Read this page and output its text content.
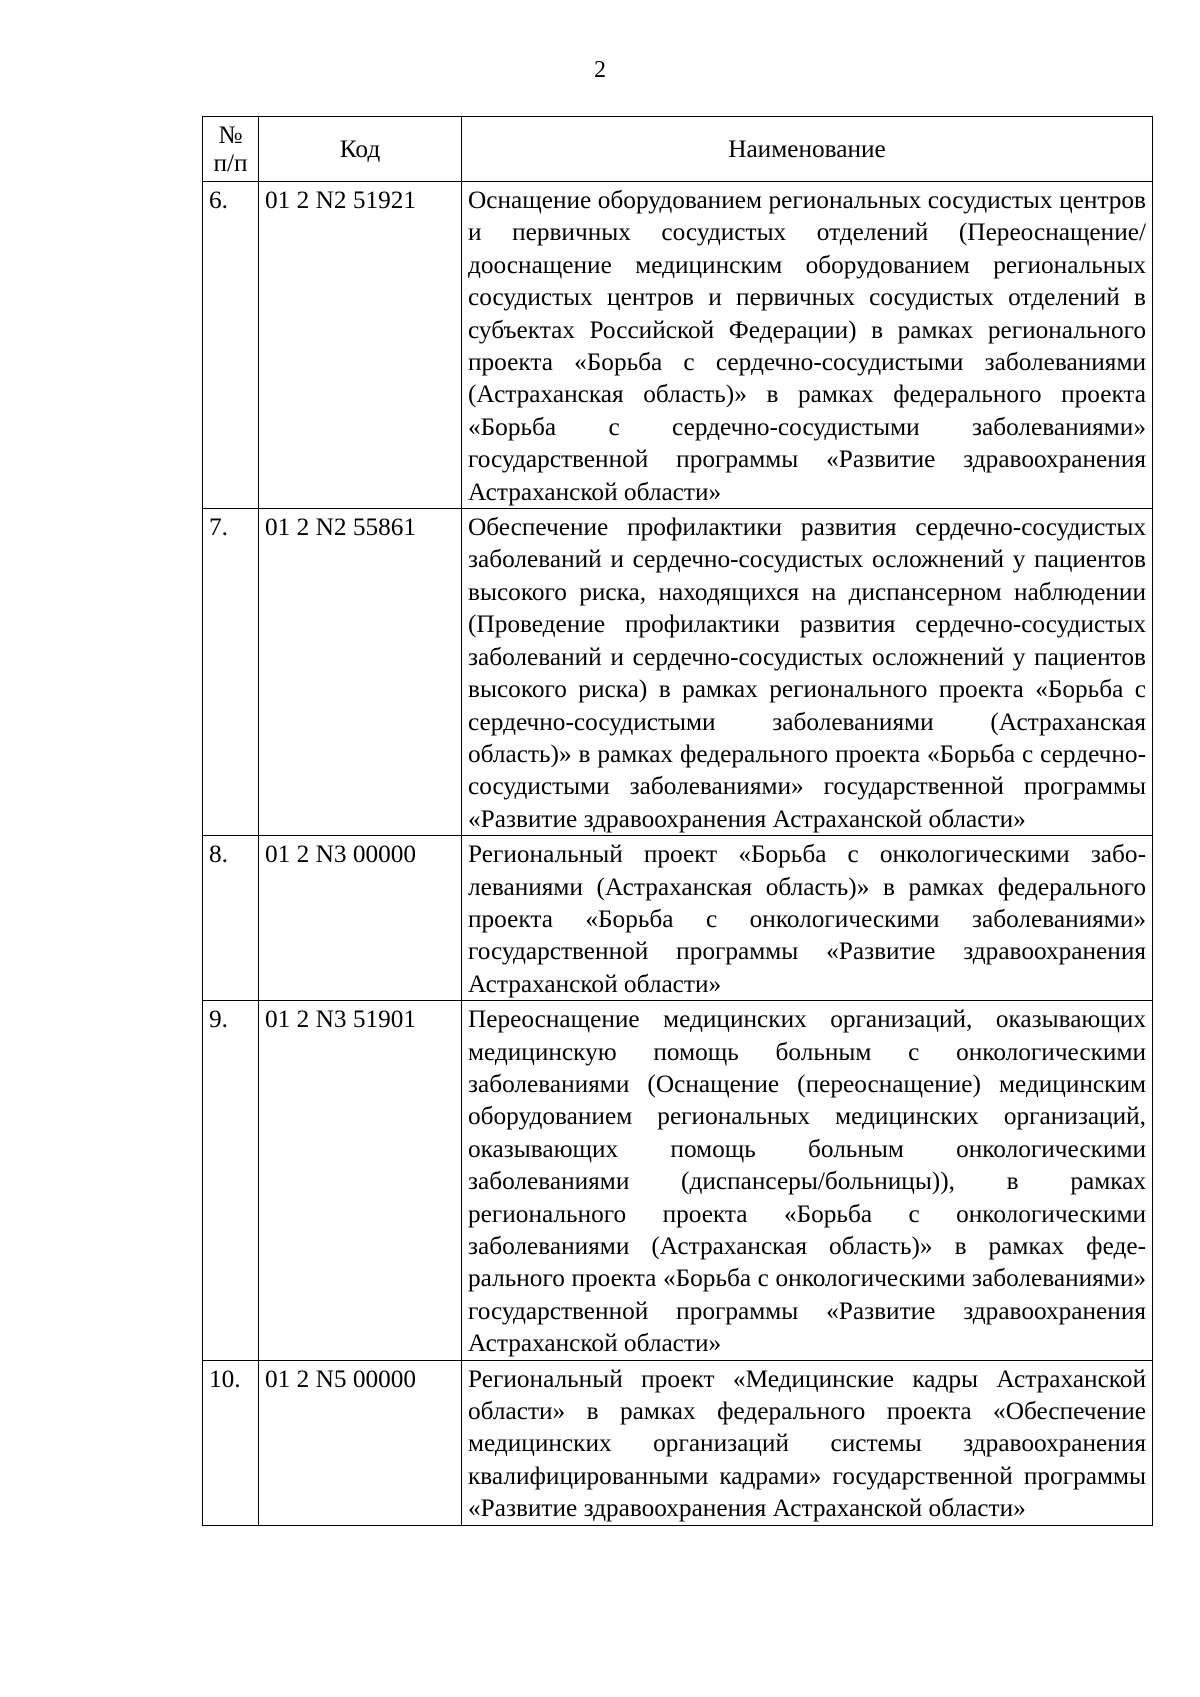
2
№
п/п	Код	Наименование
6.	01 2 N2 51921	Оснащение оборудованием региональных сосудистых центров и первичных сосудистых отделений (Переоснащение/дооснащение медицинским оборудованием региональных сосудистых центров и первичных сосудистых отделений в субъектах Российской Федерации) в рамках регионального проекта «Борьба с сердечно-сосудистыми заболеваниями (Астраханская область)» в рамках федерального проекта «Борьба с сердечно-сосудистыми заболеваниями» государственной программы «Развитие здравоохранения Астраханской области»
7.	01 2 N2 55861	Обеспечение профилактики развития сердечно-сосудистых заболеваний и сердечно-сосудистых осложнений у пациентов высокого риска, находящихся на диспансерном наблюдении (Проведение профилактики развития сердечно-сосудистых заболеваний и сердечно-сосудистых осложнений у пациентов высокого риска) в рамках регионального проекта «Борьба с сердечно-сосудистыми заболеваниями (Астраханская область)» в рамках федерального проекта «Борьба с сердечно-сосудистыми заболеваниями» государственной программы «Развитие здравоохранения Астраханской области»
8.	01 2 N3 00000	Региональный проект «Борьба с онкологическими заболеваниями (Астраханская область)» в рамках федерального проекта «Борьба с онкологическими заболеваниями» государственной программы «Развитие здравоохранения Астраханской области»
9.	01 2 N3 51901	Переоснащение медицинских организаций, оказывающих медицинскую помощь больным с онкологическими заболеваниями (Оснащение (переоснащение) медицинским оборудованием региональных медицинских организаций, оказывающих помощь больным онкологическими заболеваниями (диспансеры/больницы)), в рамках регионального проекта «Борьба с онкологическими заболеваниями (Астраханская область)» в рамках федерального проекта «Борьба с онкологическими заболеваниями» государственной программы «Развитие здравоохранения Астраханской области»
10.	01 2 N5 00000	Региональный проект «Медицинские кадры Астраханской области» в рамках федерального проекта «Обеспечение медицинских организаций системы здравоохранения квалифицированными кадрами» государственной программы «Развитие здравоохранения Астраханской области»
